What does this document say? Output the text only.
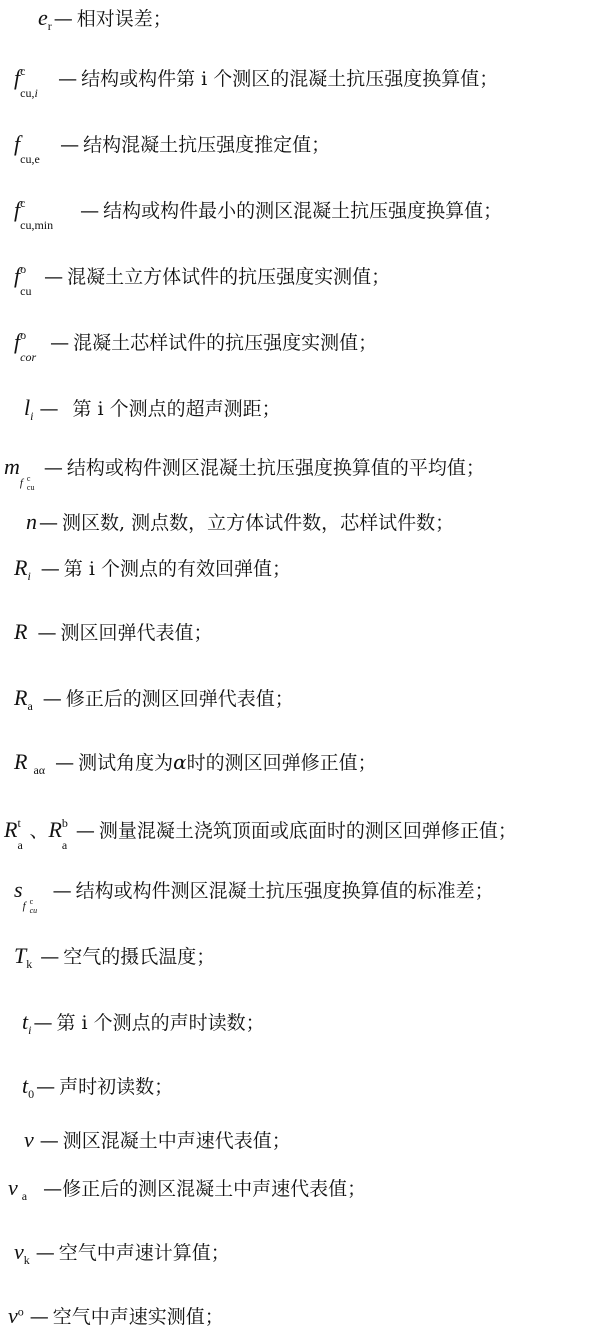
$e_r$ — 相对误差；
f c
cu,i
— 结构或构件第 i 个测区的混凝土抗压强度换算值；
f
cu,e
— 结构混凝土抗压强度推定值；
f c
cu,min
— 结构或构件最小的测区混凝土抗压强度换算值；
f o
cu
— 混凝土立方体试件的抗压强度实测值；
f o
cor
— 混凝土芯样试件的抗压强度实测值；
$l_i$ — 第 i 个测点的超声测距；
m
f c
cu
— 结构或构件测区混凝土抗压强度换算值的平均值；
n — 测区数, 测点数，立方体试件数，芯样试件数；
$R_i$ — 第 i 个测点的有效回弹值；
R — 测区回弹代表值；
$R_a$ — 修正后的测区回弹代表值；
R $_{a\alpha}$ — 测试角度为α时的测区回弹修正值；
R t
a
、R b
a
— 测量混凝土浇筑顶面或底面时的测区回弹修正值；
s
f c
cu
— 结构或构件测区混凝土抗压强度换算值的标准差；
$T_k$ — 空气的摄氏温度；
$t_i$ — 第 i 个测点的声时读数；
$t_0$ — 声时初读数；
v — 测区混凝土中声速代表值；
v $_a$ —修正后的测区混凝土中声速代表值；
$v_k$ — 空气中声速计算值；
$v^o$ — 空气中声速实测值；
